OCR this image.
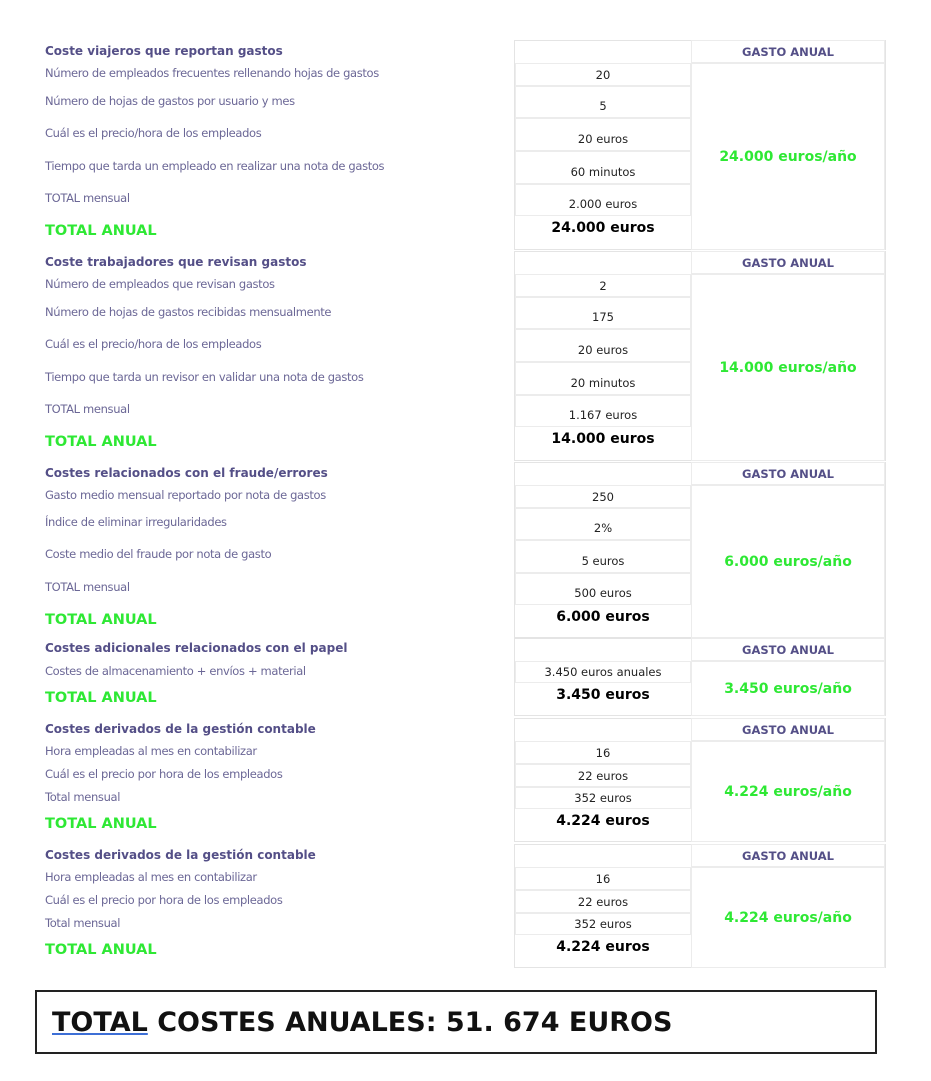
Coste viajeros que reportan gastos	GASTO ANUAL
24.000 euros/año
Número de empleados frecuentes rellenando hojas de gastos	20
Número de hojas de gastos por usuario y mes	5
Cuál es el precio/hora de los empleados	20 euros
Tiempo que tarda un empleado en realizar una nota de gastos	60 minutos
TOTAL mensual	2.000 euros
TOTAL ANUAL	24.000 euros
Coste trabajadores que revisan gastos	GASTO ANUAL
14.000 euros/año
Número de empleados que revisan gastos	2
Número de hojas de gastos recibidas mensualmente	175
Cuál es el precio/hora de los empleados	20 euros
Tiempo que tarda un revisor en validar una nota de gastos	20 minutos
TOTAL mensual	1.167 euros
TOTAL ANUAL	14.000 euros
Costes relacionados con el fraude/errores	GASTO ANUAL
6.000 euros/año
Gasto medio mensual reportado por nota de gastos	250
Índice de eliminar irregularidades	2%
Coste medio del fraude por nota de gasto	5 euros
TOTAL mensual	500 euros
TOTAL ANUAL	6.000 euros
Costes adicionales relacionados con el papel	GASTO ANUAL
3.450 euros/año
Costes de almacenamiento + envíos + material	3.450 euros anuales
TOTAL ANUAL	3.450 euros
Costes derivados de la gestión contable	GASTO ANUAL
4.224 euros/año
Hora empleadas al mes en contabilizar	16
Cuál es el precio por hora de los empleados	22 euros
Total mensual	352 euros
TOTAL ANUAL	4.224 euros
Costes derivados de la gestión contable	GASTO ANUAL
4.224 euros/año
Hora empleadas al mes en contabilizar	16
Cuál es el precio por hora de los empleados	22 euros
Total mensual	352 euros
TOTAL ANUAL	4.224 euros
TOTAL COSTES ANUALES: 51. 674 EUROS
